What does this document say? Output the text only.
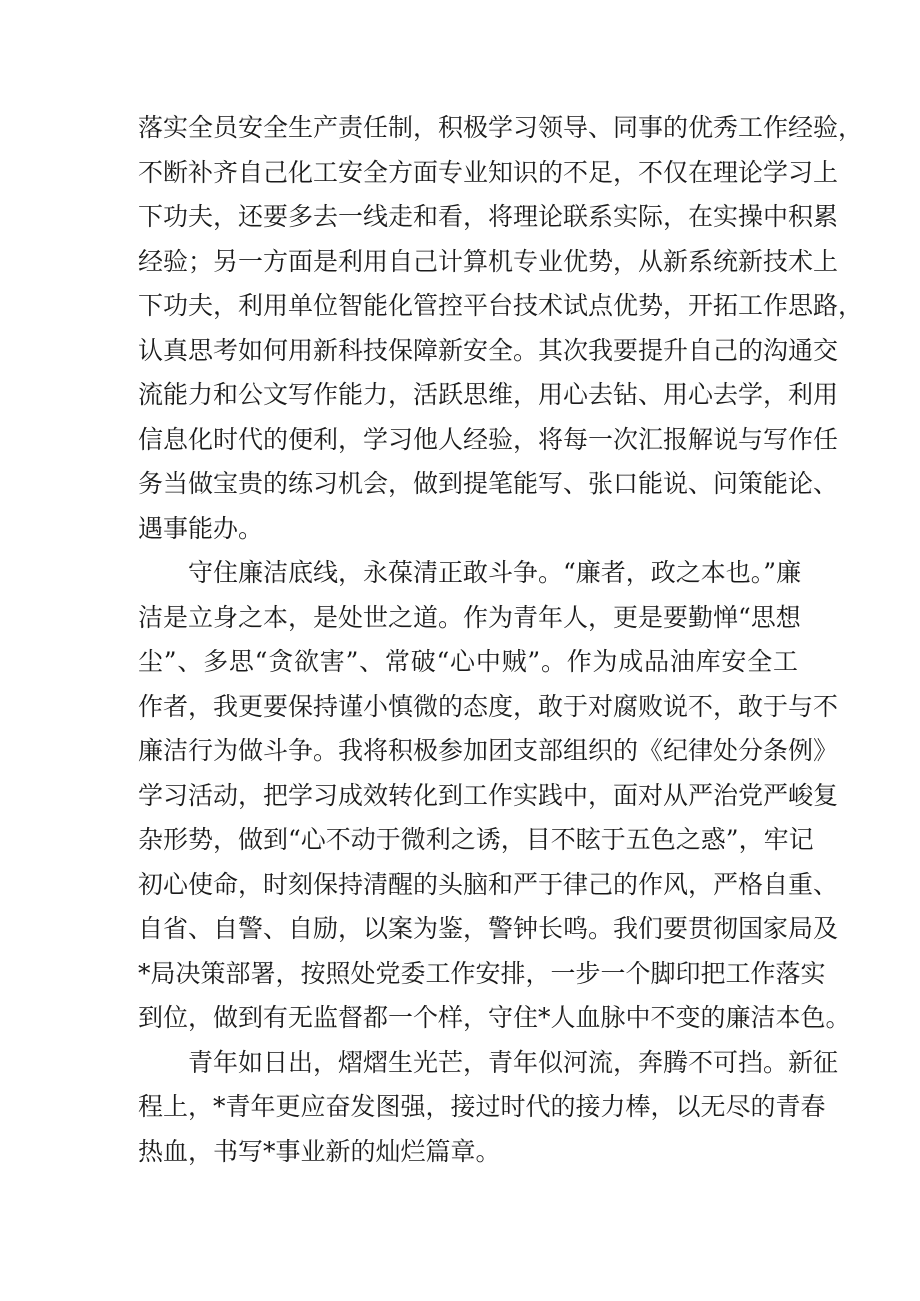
落实全员安全生产责任制，积极学习领导、同事的优秀工作经验，
不断补齐自己化工安全方面专业知识的不足，不仅在理论学习上
下功夫，还要多去一线走和看，将理论联系实际，在实操中积累
经验；另一方面是利用自己计算机专业优势，从新系统新技术上
下功夫，利用单位智能化管控平台技术试点优势，开拓工作思路，
认真思考如何用新科技保障新安全。其次我要提升自己的沟通交
流能力和公文写作能力，活跃思维，用心去钻、用心去学，利用
信息化时代的便利，学习他人经验，将每一次汇报解说与写作任
务当做宝贵的练习机会，做到提笔能写、张口能说、问策能论、
遇事能办。
守住廉洁底线，永葆清正敢斗争。“廉者，政之本也。”廉
洁是立身之本，是处世之道。作为青年人，更是要勤惮“思想
尘”、多思“贪欲害”、常破“心中贼”。作为成品油库安全工
作者，我更要保持谨小慎微的态度，敢于对腐败说不，敢于与不
廉洁行为做斗争。我将积极参加团支部组织的《纪律处分条例》
学习活动，把学习成效转化到工作实践中，面对从严治党严峻复
杂形势，做到“心不动于微利之诱，目不眩于五色之惑”，牢记
初心使命，时刻保持清醒的头脑和严于律己的作风，严格自重、
自省、自警、自励，以案为鉴，警钟长鸣。我们要贯彻国家局及
*局决策部署，按照处党委工作安排，一步一个脚印把工作落实
到位，做到有无监督都一个样，守住*人血脉中不变的廉洁本色。
青年如日出，熠熠生光芒，青年似河流，奔腾不可挡。新征
程上，*青年更应奋发图强，接过时代的接力棒，以无尽的青春
热血，书写*事业新的灿烂篇章。
